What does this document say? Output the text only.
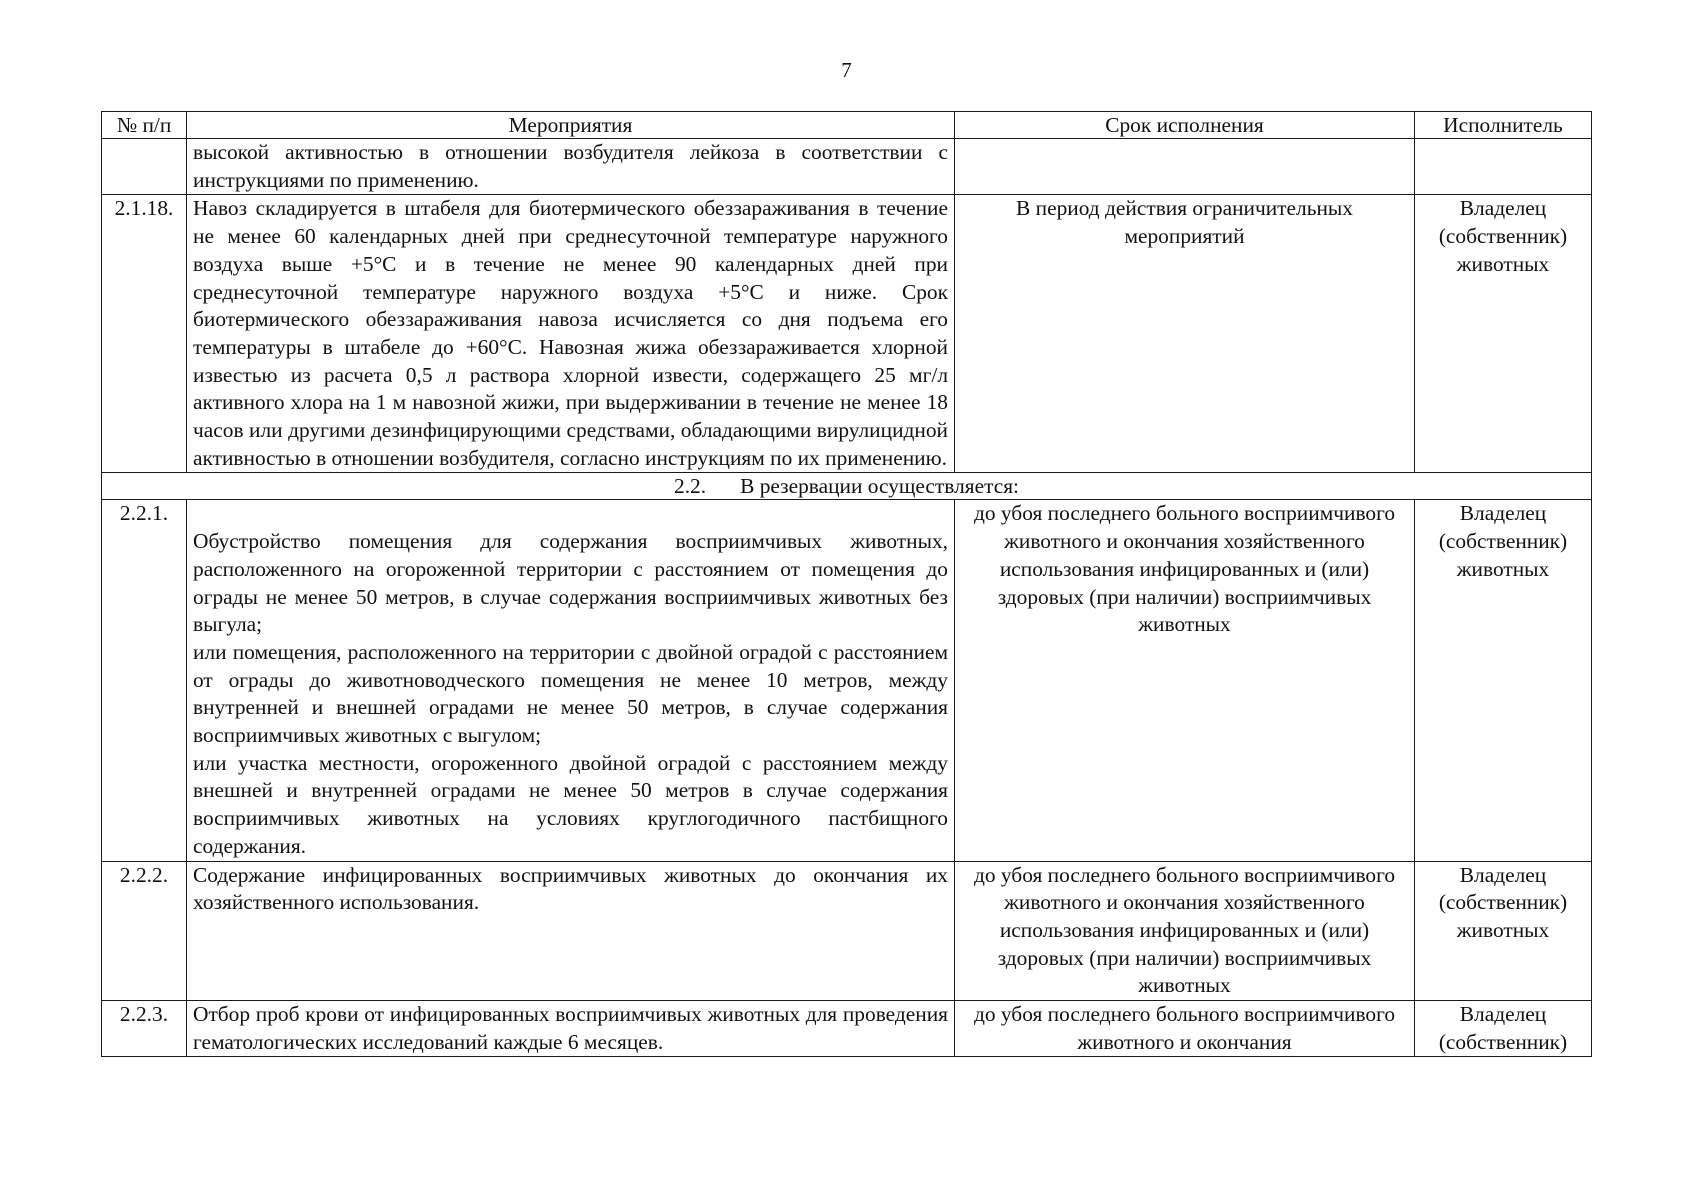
7
№ п/п	Мероприятия	Срок исполнения	Исполнитель
	высокой активностью в отношении возбудителя лейкоза в соответствии с инструкциями по применению.		
2.1.18.	Навоз складируется в штабеля для биотермического обеззараживания в течение не менее 60 календарных дней при среднесуточной температуре наружного воздуха выше +5°С и в течение не менее 90 календарных дней при среднесуточной температуре наружного воздуха +5°С и ниже. Срок биотермического обеззараживания навоза исчисляется со дня подъема его температуры в штабеле до +60°С. Навозная жижа обеззараживается хлорной известью из расчета 0,5 л раствора хлорной извести, содержащего 25 мг/л активного хлора на 1 м навозной жижи, при выдерживании в течение не менее 18 часов или другими дезинфицирующими средствами, обладающими вирулицидной активностью в отношении возбудителя, согласно инструкциям по их применению.	В период действия ограничительных мероприятий	Владелец (собственник) животных
2.2. В резервации осуществляется:			
2.2.1.	Обустройство помещения для содержания восприимчивых животных, расположенного на огороженной территории с расстоянием от помещения до ограды не менее 50 метров, в случае содержания восприимчивых животных без выгула;
или помещения, расположенного на территории с двойной оградой с расстоянием от ограды до животноводческого помещения не менее 10 метров, между внутренней и внешней оградами не менее 50 метров, в случае содержания восприимчивых животных с выгулом;
или участка местности, огороженного двойной оградой с расстоянием между внешней и внутренней оградами не менее 50 метров в случае содержания восприимчивых животных на условиях круглогодичного пастбищного содержания.	до убоя последнего больного восприимчивого животного и окончания хозяйственного использования инфицированных и (или) здоровых (при наличии) восприимчивых животных	Владелец (собственник) животных
2.2.2.	Содержание инфицированных восприимчивых животных до окончания их хозяйственного использования.	до убоя последнего больного восприимчивого животного и окончания хозяйственного использования инфицированных и (или) здоровых (при наличии) восприимчивых животных	Владелец (собственник) животных
2.2.3.	Отбор проб крови от инфицированных восприимчивых животных для проведения гематологических исследований каждые 6 месяцев.	до убоя последнего больного восприимчивого животного и окончания	Владелец (собственник)
